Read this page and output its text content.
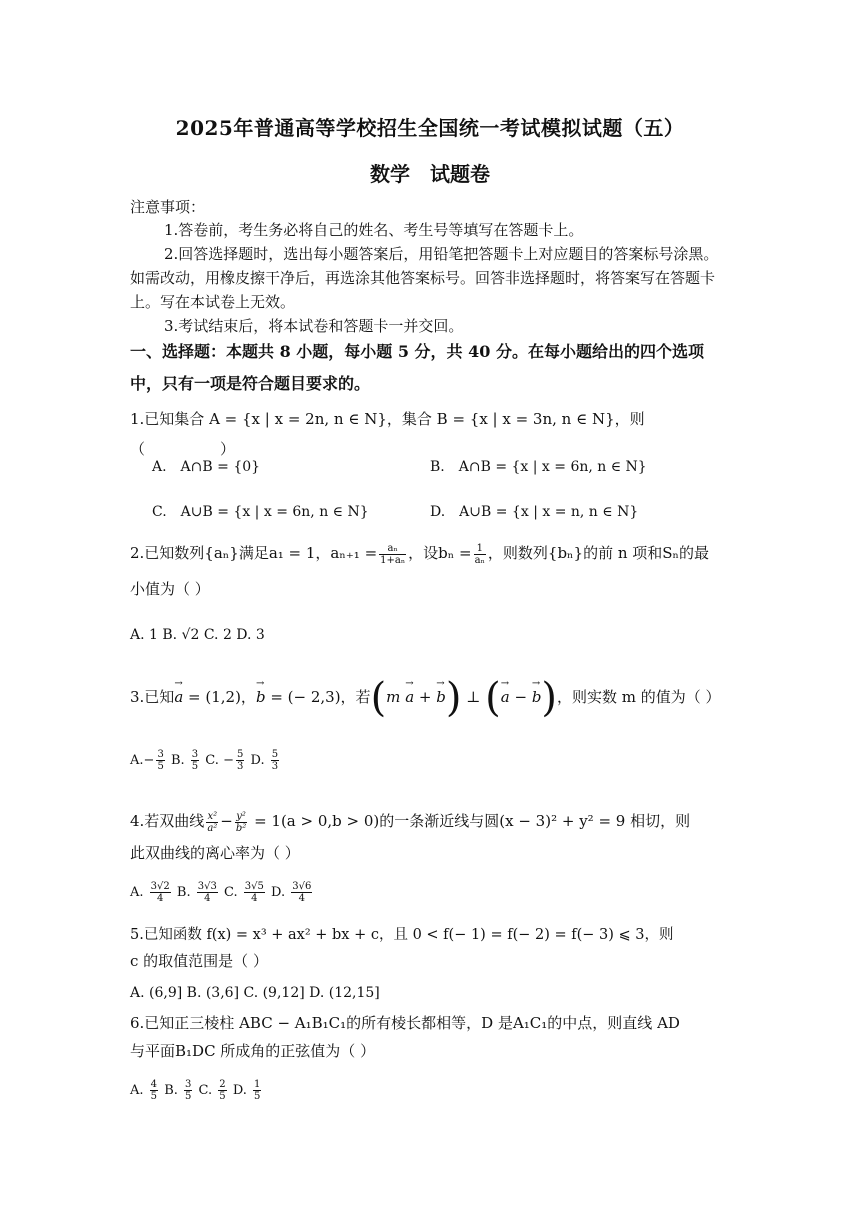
2025年普通高等学校招生全国统一考试模拟试题（五）
数学 试题卷
注意事项：

1.答卷前，考生务必将自己的姓名、考生号等填写在答题卡上。

2.回答选择题时，选出每小题答案后，用铅笔把答题卡上对应题目的答案标号涂黑。如需改动，用橡皮擦干净后，再选涂其他答案标号。回答非选择题时，将答案写在答题卡上。写在本试卷上无效。

3.考试结束后，将本试卷和答题卡一并交回。

一、选择题：本题共 8 小题，每小题 5 分，共 40 分。在每小题给出的四个选项中，只有一项是符合题目要求的。
1.已知集合 A = {x | x = 2n, n ∈ N}，集合 B = {x | x = 3n, n ∈ N}，则（　　　　　）
A.　A∩B = {0}	B.　A∩B = {x | x = 6n, n ∈ N}
C.　A∪B = {x | x = 6n, n ∈ N}	D.　A∪B = {x | x = n, n ∈ N}
2.已知数列{aₙ}满足a₁ = 1，$a_{n+1} = \frac{\text{aₙ}}{\text{1+aₙ}}$ ，设$b_n = \frac{1}{\text{aₙ}}$ ，则数列{bₙ}的前 n 项和Sₙ的最
小值为（ ）
A. 1 B. √2 C. 2 D. 3
3.已知→ a = (1,2)，→ b = (− 2,3)，若(m → a + → b) ⊥ (→ a − → b)，则实数 m 的值为（ ）
$A.- \frac{3}{5} B$. $\frac{3}{5} C$. − $\frac{5}{3} D$. $\frac{5}{3}$
4.若双曲线 $\frac{\text{x²}}{\text{a²}} - \frac{\text{y²}}{\text{b²}} = 1(a > 0,b > 0)$的一条渐近线与圆(x − 3)² + y² = 9 相切，则
此双曲线的离心率为（ ）
A. $\frac{3√2}{4} B$. $\frac{3√3}{4} C$. $\frac{3√5}{4} D$. $\frac{3√6}{4}$
5.已知函数 f(x) = x³ + ax² + bx + c，且 0 < f(− 1) = f(− 2) = f(− 3) ⩽ 3，则
c 的取值范围是（ ）
A. (6,9] B. (3,6] C. (9,12] D. (12,15]
6.已知正三棱柱 ABC − A₁B₁C₁的所有棱长都相等，D 是A₁C₁的中点，则直线 AD
与平面B₁DC 所成角的正弦值为（ ）
A. $\frac{4}{5} B$. $\frac{3}{5} C$. $\frac{2}{5} D$. $\frac{1}{5}$
